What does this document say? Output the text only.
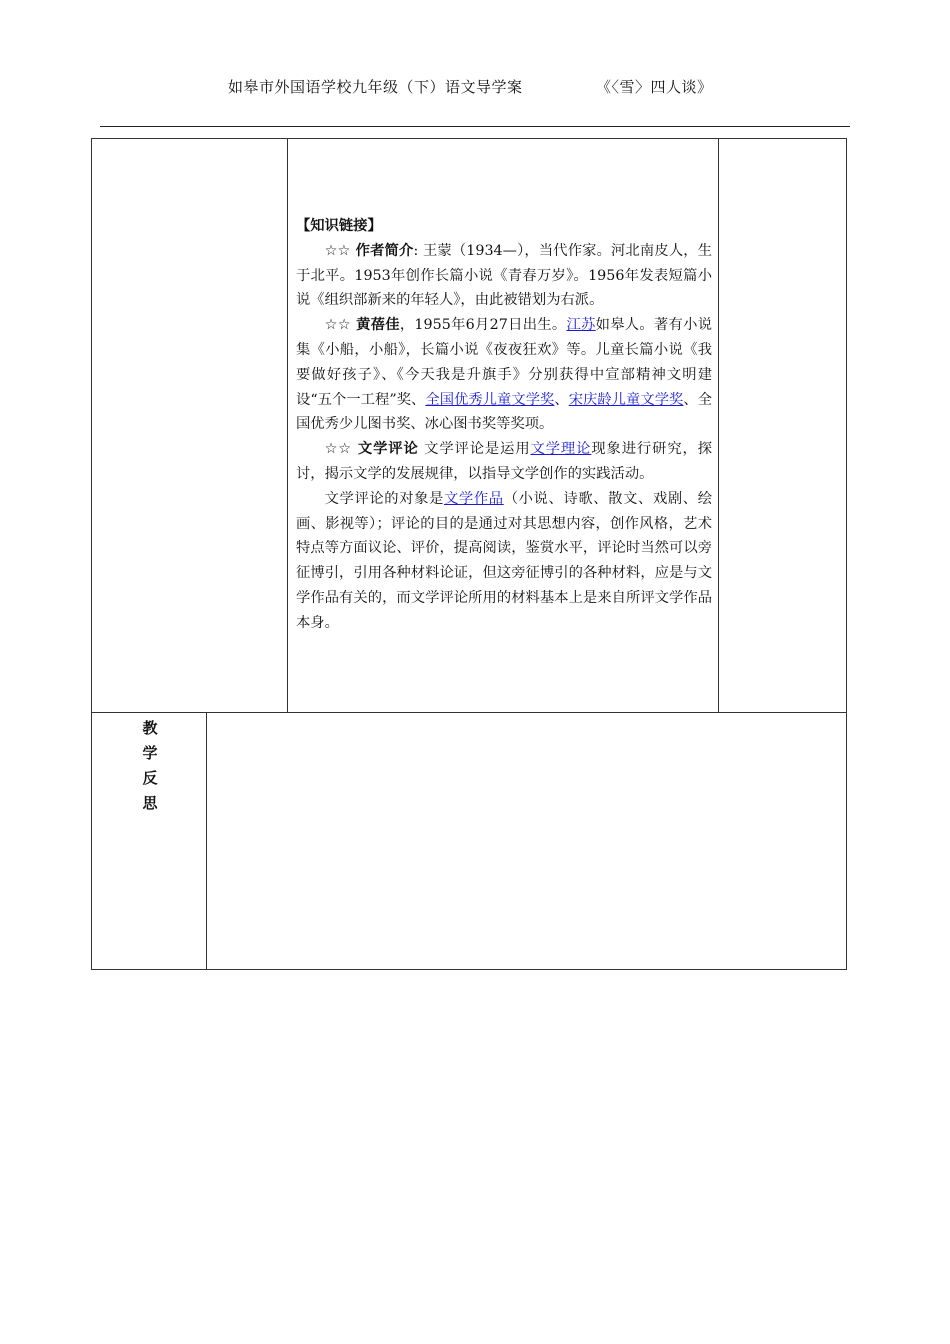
如皋市外国语学校九年级（下）语文导学案	《〈雪〉四人谈》

【知识链接】

☆☆ 作者简介: 王蒙（1934—），当代作家。河北南皮人，生于北平。1953年创作长篇小说《青春万岁》。1956年发表短篇小说《组织部新来的年轻人》，由此被错划为右派。

☆☆ 黄蓓佳，1955年6月27日出生。江苏如皋人。著有小说集《小船，小船》，长篇小说《夜夜狂欢》等。儿童长篇小说《我要做好孩子》、《今天我是升旗手》分别获得中宣部精神文明建设“五个一工程”奖、全国优秀儿童文学奖、宋庆龄儿童文学奖、全国优秀少儿图书奖、冰心图书奖等奖项。

☆☆ 文学评论 文学评论是运用文学理论现象进行研究，探讨，揭示文学的发展规律，以指导文学创作的实践活动。

文学评论的对象是文学作品（小说、诗歌、散文、戏剧、绘画、影视等）；评论的目的是通过对其思想内容，创作风格，艺术特点等方面议论、评价，提高阅读，鉴赏水平，评论时当然可以旁征博引，引用各种材料论证，但这旁征博引的各种材料，应是与文学作品有关的，而文学评论所用的材料基本上是来自所评文学作品本身。

教
学
反
思
